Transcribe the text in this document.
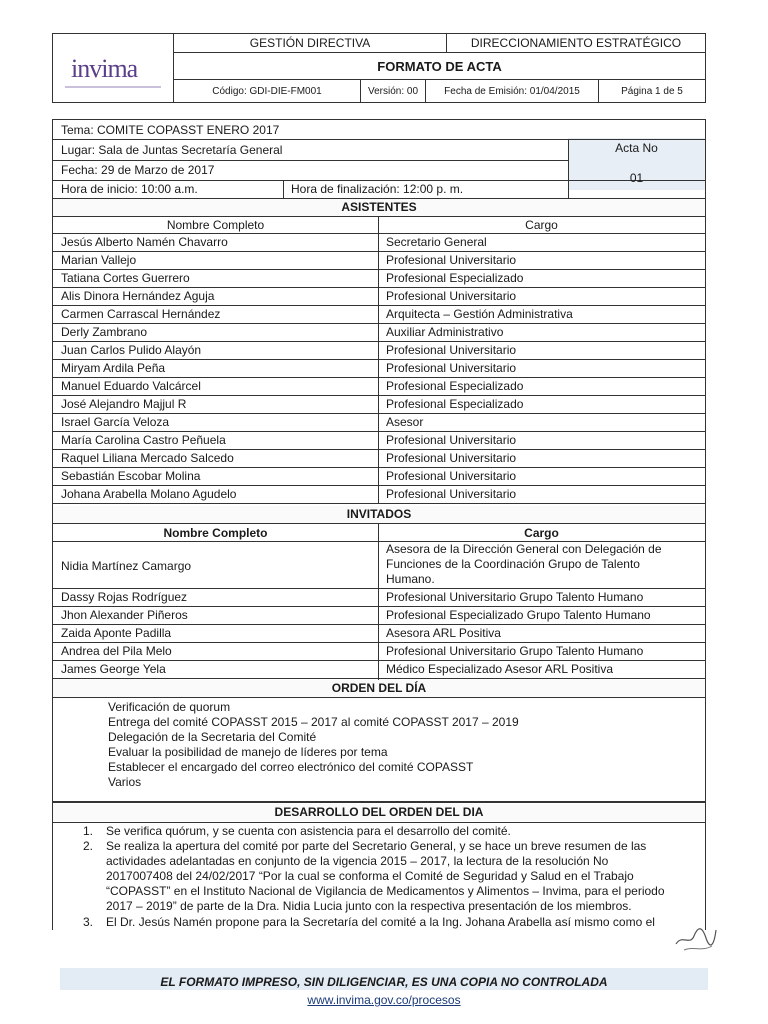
invima
GESTIÓN DIRECTIVA	DIRECCIONAMIENTO ESTRATÉGICO
FORMATO DE ACTA
Código: GDI-DIE-FM001	Versión: 00	Fecha de Emisión: 01/04/2015	Página 1 de 5
Tema: COMITE COPASST ENERO 2017
Lugar: Sala de Juntas Secretaría General
Fecha: 29 de Marzo de 2017
Hora de inicio: 10:00 a.m.	Hora de finalización: 12:00 p. m.
Acta No
01
ASISTENTES
Nombre Completo	Cargo
Jesús Alberto Namén Chavarro	Secretario General
Marian Vallejo	Profesional Universitario
Tatiana Cortes Guerrero	Profesional Especializado
Alis Dinora Hernández Aguja	Profesional Universitario
Carmen Carrascal Hernández	Arquitecta – Gestión Administrativa
Derly Zambrano	Auxiliar Administrativo
Juan Carlos Pulido Alayón	Profesional Universitario
Miryam Ardila Peña	Profesional Universitario
Manuel Eduardo Valcárcel	Profesional Especializado
José Alejandro Majjul R	Profesional Especializado
Israel García Veloza	Asesor
María Carolina Castro Peñuela	Profesional Universitario
Raquel Liliana Mercado Salcedo	Profesional Universitario
Sebastián Escobar Molina	Profesional Universitario
Johana Arabella Molano Agudelo	Profesional Universitario
INVITADOS
Nombre Completo	Cargo
Nidia Martínez Camargo
Asesora de la Dirección General con Delegación de
Funciones de la Coordinación Grupo de Talento
Humano.
Dassy Rojas Rodríguez	Profesional Universitario Grupo Talento Humano
Jhon Alexander Piñeros	Profesional Especializado Grupo Talento Humano
Zaida Aponte Padilla	Asesora ARL Positiva
Andrea del Pila Melo	Profesional Universitario Grupo Talento Humano
James George Yela	Médico Especializado Asesor ARL Positiva
ORDEN DEL DÍA
Verificación de quorum
Entrega del comité COPASST 2015 – 2017 al comité COPASST 2017 – 2019
Delegación de la Secretaria del Comité
Evaluar la posibilidad de manejo de líderes por tema
Establecer el encargado del correo electrónico del comité COPASST
Varios
DESARROLLO DEL ORDEN DEL DIA
1. Se verifica quórum, y se cuenta con asistencia para el desarrollo del comité.
2. Se realiza la apertura del comité por parte del Secretario General, y se hace un breve resumen de las
actividades adelantadas en conjunto de la vigencia 2015 – 2017, la lectura de la resolución No
2017007408 del 24/02/2017 “Por la cual se conforma el Comité de Seguridad y Salud en el Trabajo
“COPASST” en el Instituto Nacional de Vigilancia de Medicamentos y Alimentos – Invima, para el periodo
2017 – 2019” de parte de la Dra. Nidia Lucia junto con la respectiva presentación de los miembros.
3. El Dr. Jesús Namén propone para la Secretaría del comité a la Ing. Johana Arabella así mismo como el
EL FORMATO IMPRESO, SIN DILIGENCIAR, ES UNA COPIA NO CONTROLADA
www.invima.gov.co/procesos
